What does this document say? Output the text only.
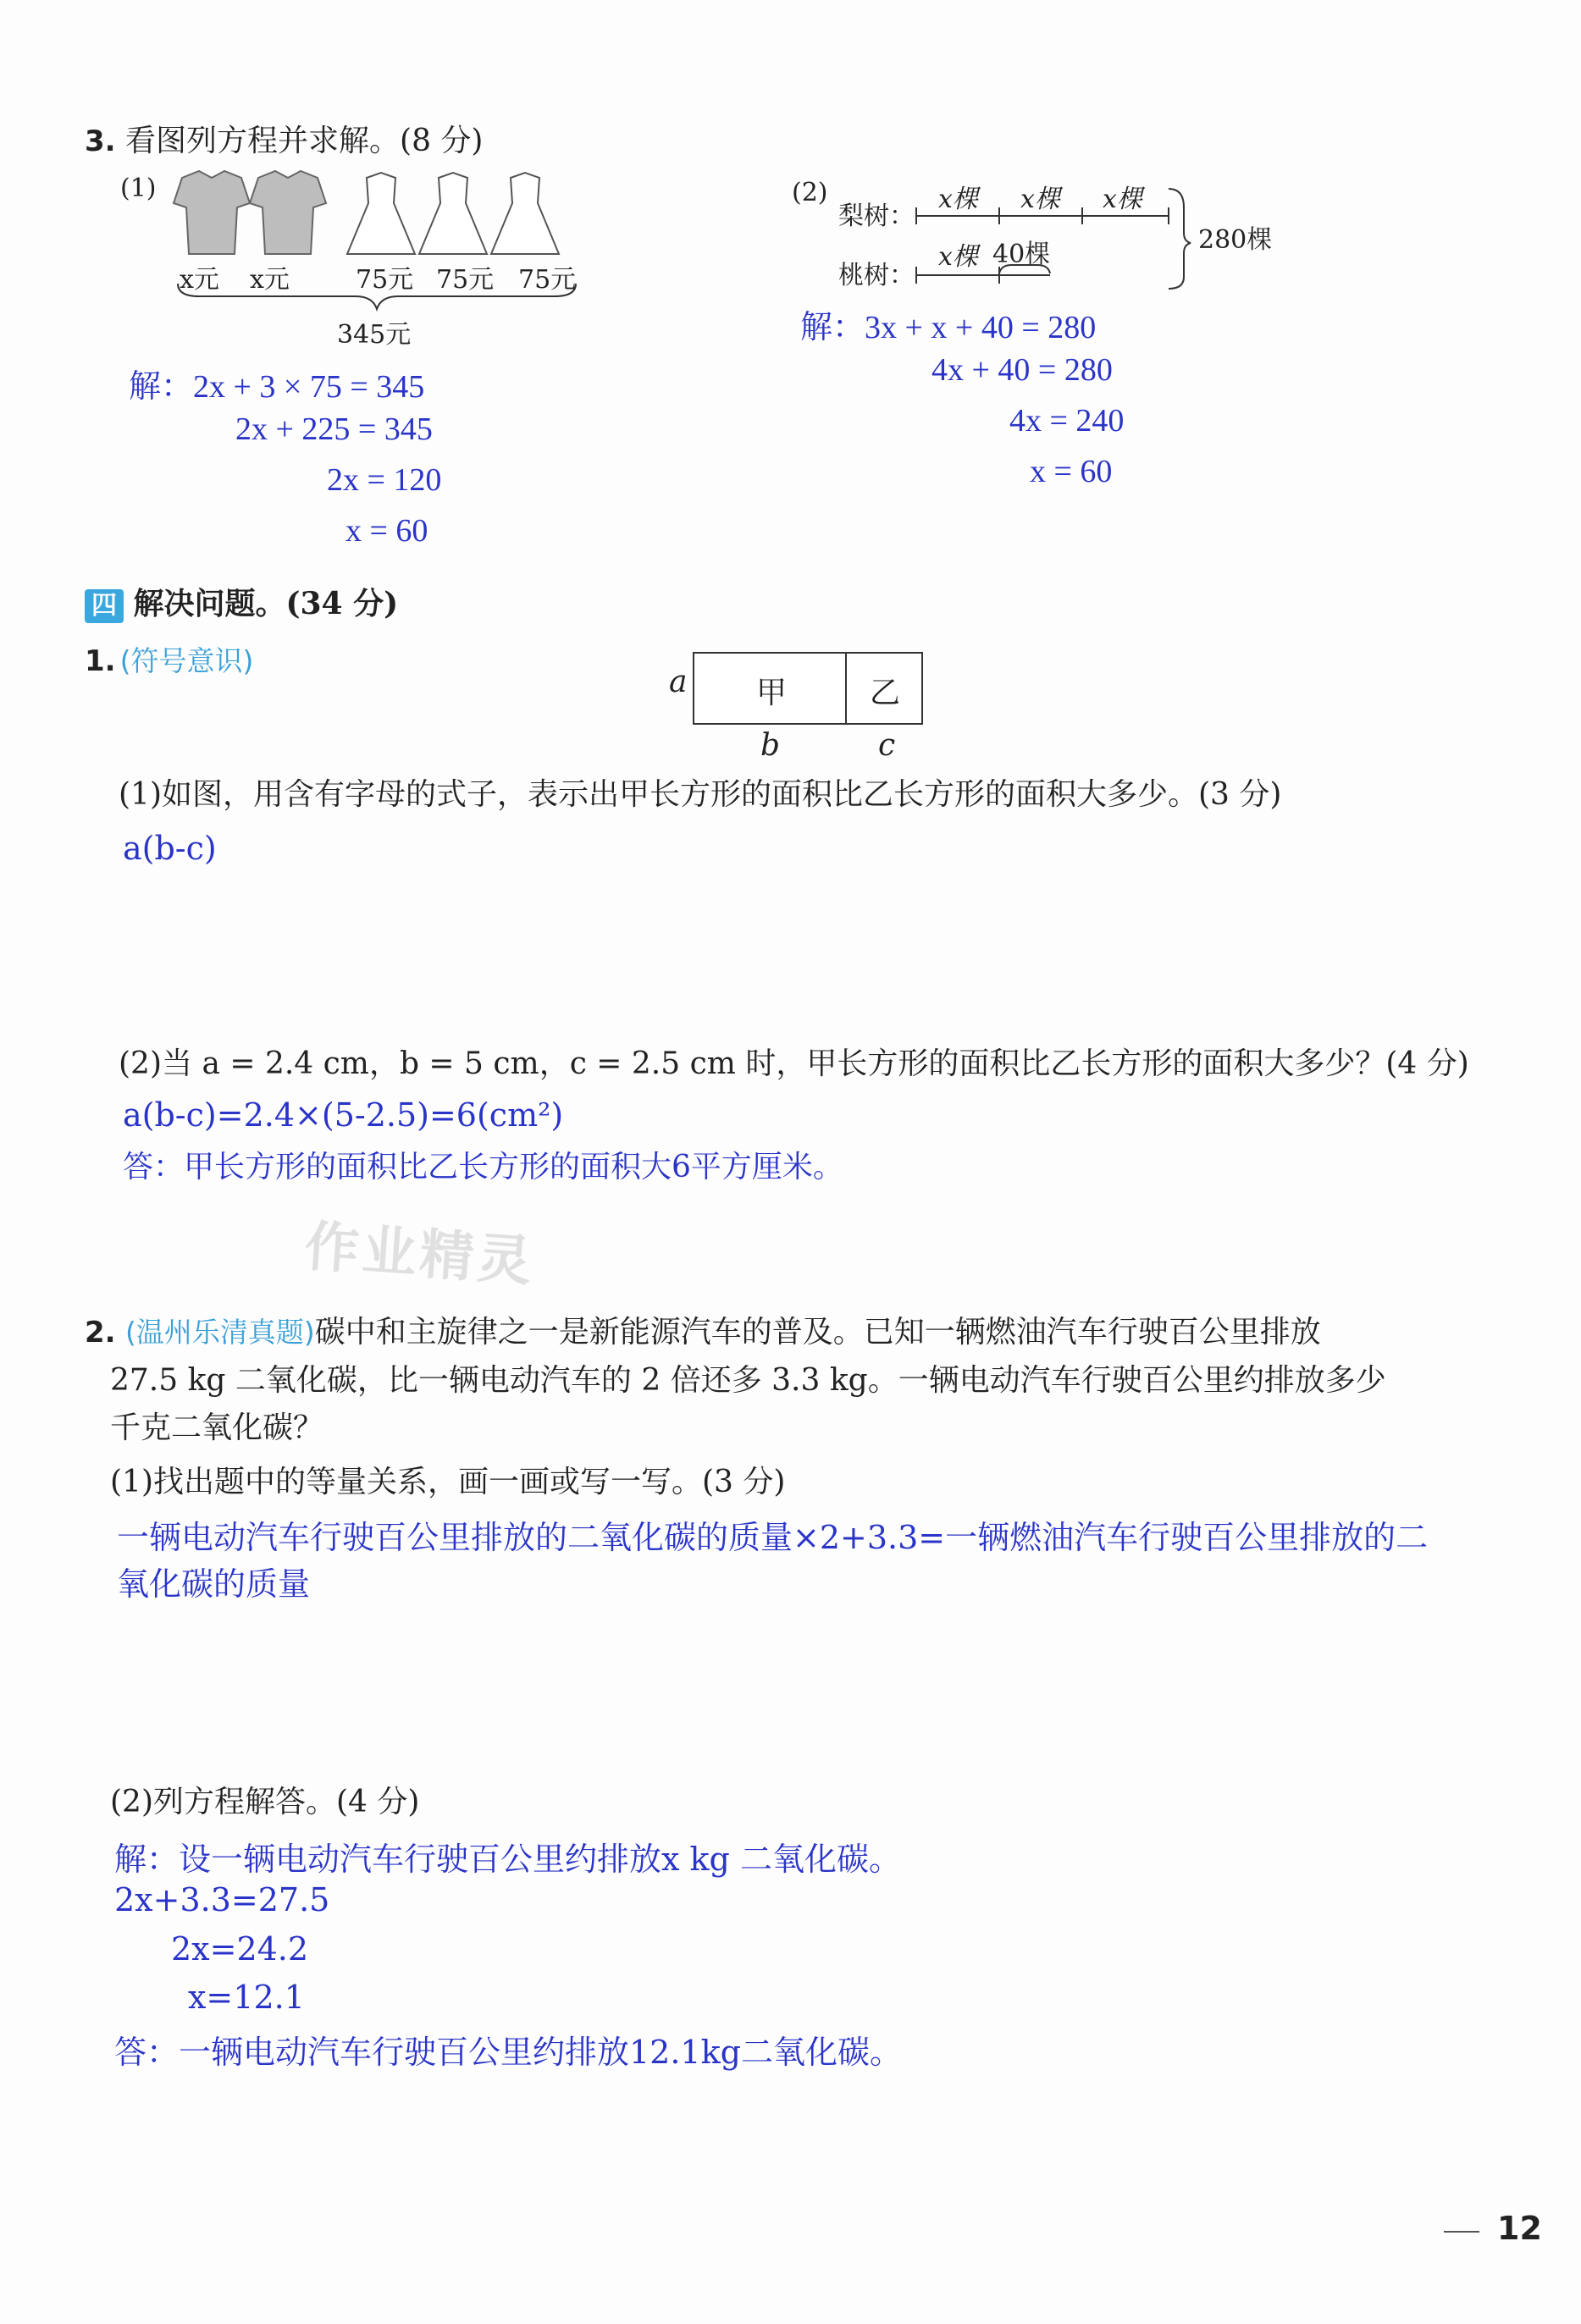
3. 看图列方程并求解。(8 分)
(1)
x元 x元	75元 75元 75元
345元
解：2x + 3 × 75 = 345
2x + 225 = 345
2x = 120
x = 60
(2)
梨树：
桃树：
x棵 x棵 x棵
x棵 40棵	280棵
解：3x + x + 40 = 280
4x + 40 = 280
4x = 240
x = 60
四 解决问题。(34 分)
1. (符号意识)
a 甲	乙
b	c
(1)如图，用含有字母的式子，表示出甲长方形的面积比乙长方形的面积大多少。(3 分)
a(b-c)
(2)当 a = 2.4 cm，b = 5 cm，c = 2.5 cm 时，甲长方形的面积比乙长方形的面积大多少？(4 分)
a(b-c)=2.4×(5-2.5)=6(cm²)
答：甲长方形的面积比乙长方形的面积大6平方厘米。
作业精灵
2. (温州乐清真题)碳中和主旋律之一是新能源汽车的普及。已知一辆燃油汽车行驶百公里排放
27.5 kg 二氧化碳，比一辆电动汽车的 2 倍还多 3.3 kg。一辆电动汽车行驶百公里约排放多少
千克二氧化碳？
(1)找出题中的等量关系，画一画或写一写。(3 分)
一辆电动汽车行驶百公里排放的二氧化碳的质量×2+3.3=一辆燃油汽车行驶百公里排放的二
氧化碳的质量
(2)列方程解答。(4 分)
解：设一辆电动汽车行驶百公里约排放x kg 二氧化碳。
2x+3.3=27.5
2x=24.2
x=12.1
答：一辆电动汽车行驶百公里约排放12.1kg二氧化碳。
12
